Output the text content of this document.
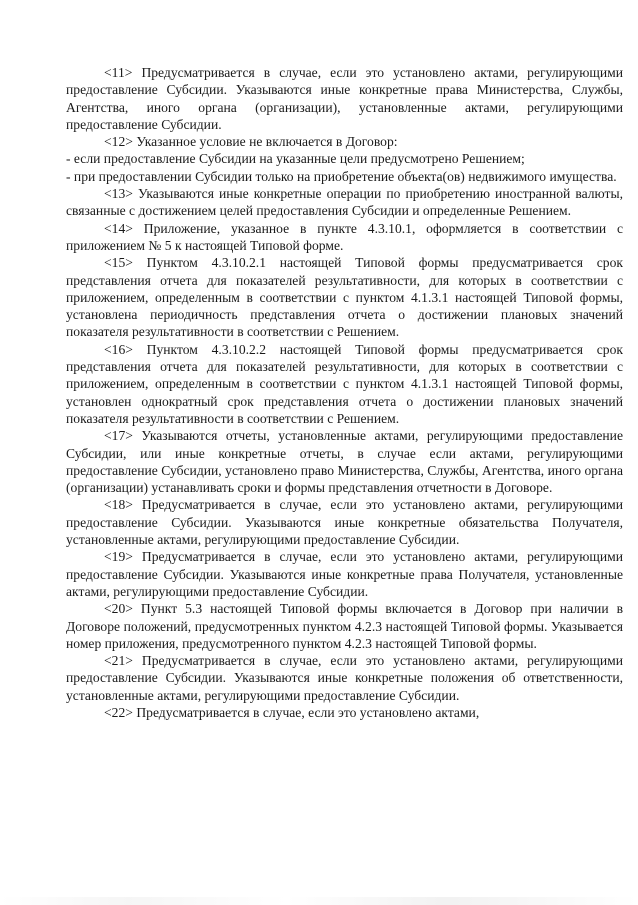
<11> Предусматривается в случае, если это установлено актами, регулирующими предоставление Субсидии. Указываются иные конкретные права Министерства, Службы, Агентства, иного органа (организации), установленные актами, регулирующими предоставление Субсидии.

<12> Указанное условие не включается в Договор:

- если предоставление Субсидии на указанные цели предусмотрено Решением;

- при предоставлении Субсидии только на приобретение объекта(ов) недвижимого имущества.

<13> Указываются иные конкретные операции по приобретению иностранной валюты, связанные с достижением целей предоставления Субсидии и определенные Решением.

<14> Приложение, указанное в пункте 4.3.10.1, оформляется в соответствии с приложением № 5 к настоящей Типовой форме.

<15> Пунктом 4.3.10.2.1 настоящей Типовой формы предусматривается срок представления отчета для показателей результативности, для которых в соответствии с приложением, определенным в соответствии с пунктом 4.1.3.1 настоящей Типовой формы, установлена периодичность представления отчета о достижении плановых значений показателя результативности в соответствии с Решением.

<16> Пунктом 4.3.10.2.2 настоящей Типовой формы предусматривается срок представления отчета для показателей результативности, для которых в соответствии с приложением, определенным в соответствии с пунктом 4.1.3.1 настоящей Типовой формы, установлен однократный срок представления отчета о достижении плановых значений показателя результативности в соответствии с Решением.

<17> Указываются отчеты, установленные актами, регулирующими предоставление Субсидии, или иные конкретные отчеты, в случае если актами, регулирующими предоставление Субсидии, установлено право Министерства, Службы, Агентства, иного органа (организации) устанавливать сроки и формы представления отчетности в Договоре.

<18> Предусматривается в случае, если это установлено актами, регулирующими предоставление Субсидии. Указываются иные конкретные обязательства Получателя, установленные актами, регулирующими предоставление Субсидии.

<19> Предусматривается в случае, если это установлено актами, регулирующими предоставление Субсидии. Указываются иные конкретные права Получателя, установленные актами, регулирующими предоставление Субсидии.

<20> Пункт 5.3 настоящей Типовой формы включается в Договор при наличии в Договоре положений, предусмотренных пунктом 4.2.3 настоящей Типовой формы. Указывается номер приложения, предусмотренного пунктом 4.2.3 настоящей Типовой формы.

<21> Предусматривается в случае, если это установлено актами, регулирующими предоставление Субсидии. Указываются иные конкретные положения об ответственности, установленные актами, регулирующими предоставление Субсидии.

<22> Предусматривается в случае, если это установлено актами,
